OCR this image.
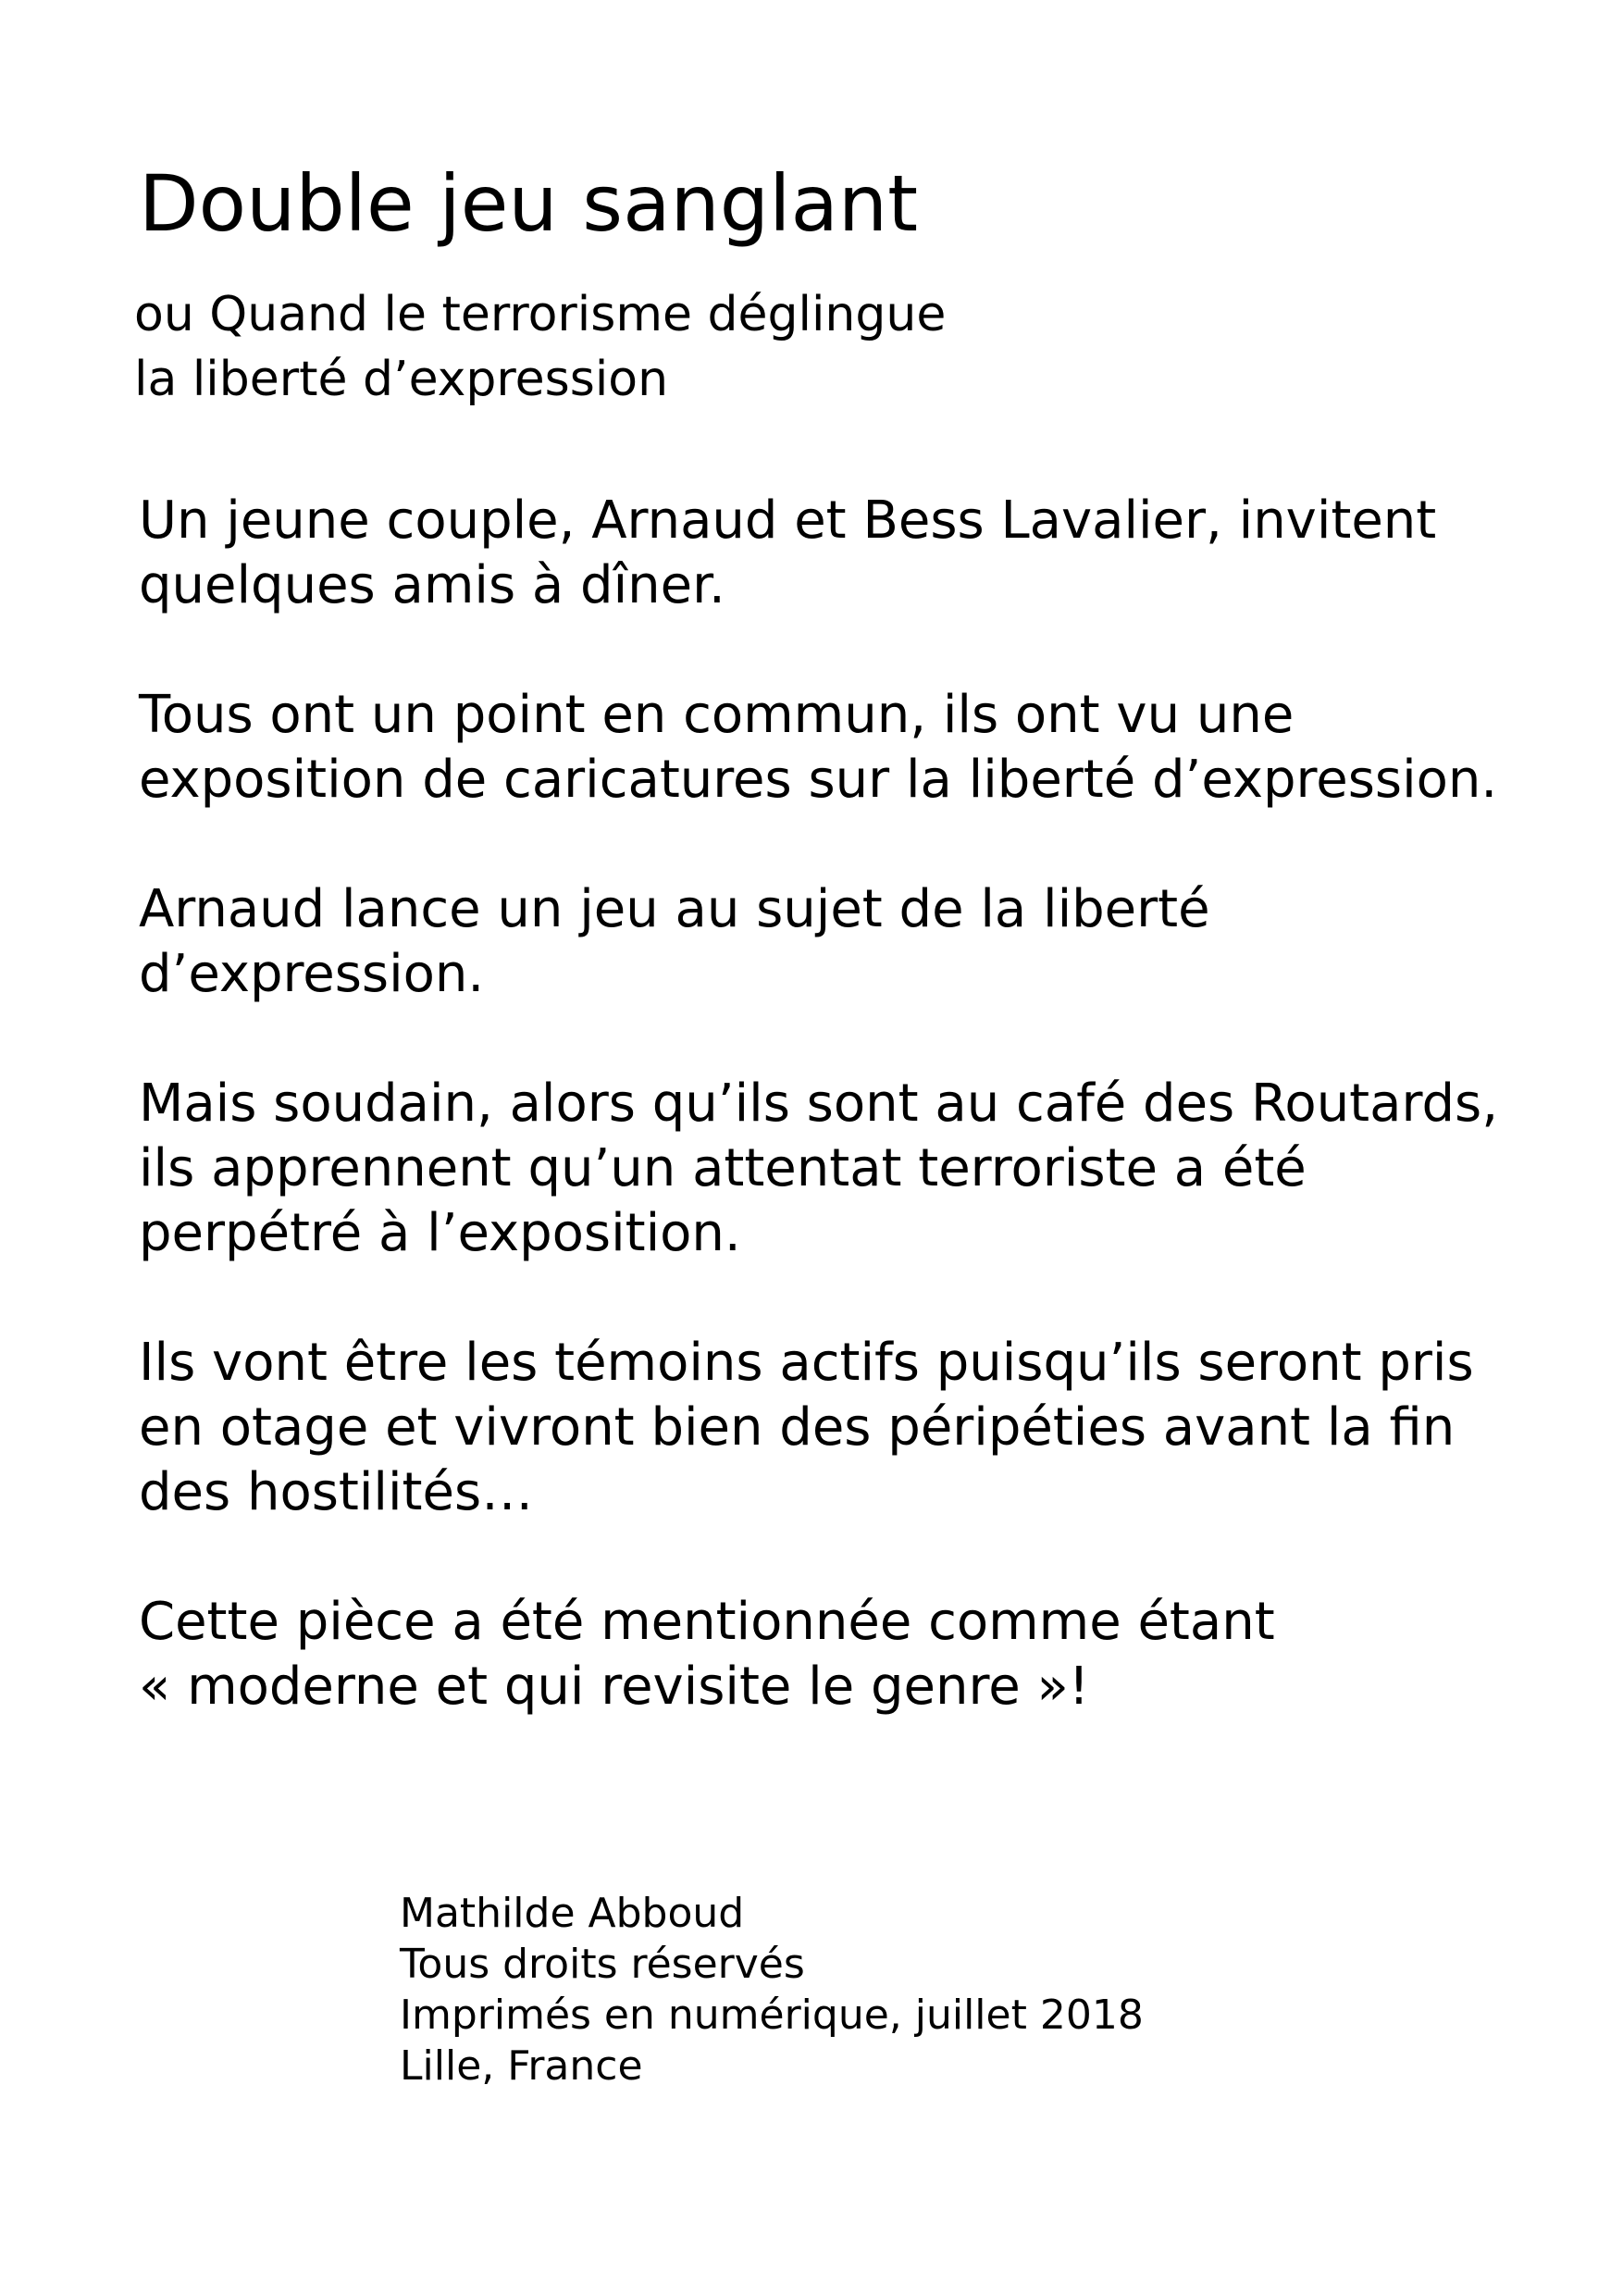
Double jeu sanglant
ou Quand le terrorisme déglingue
la liberté d’expression

Un jeune couple, Arnaud et Bess Lavalier, invitent
quelques amis à dîner.

Tous ont un point en commun, ils ont vu une
exposition de caricatures sur la liberté d’expression.

Arnaud lance un jeu au sujet de la liberté
d’expression.

Mais soudain, alors qu’ils sont au café des Routards,
ils apprennent qu’un attentat terroriste a été
perpétré à l’exposition.

Ils vont être les témoins actifs puisqu’ils seront pris
en otage et vivront bien des péripéties avant la fin
des hostilités…

Cette pièce a été mentionnée comme étant
« moderne et qui revisite le genre »!

Mathilde Abboud
Tous droits réservés
Imprimés en numérique, juillet 2018
Lille, France
